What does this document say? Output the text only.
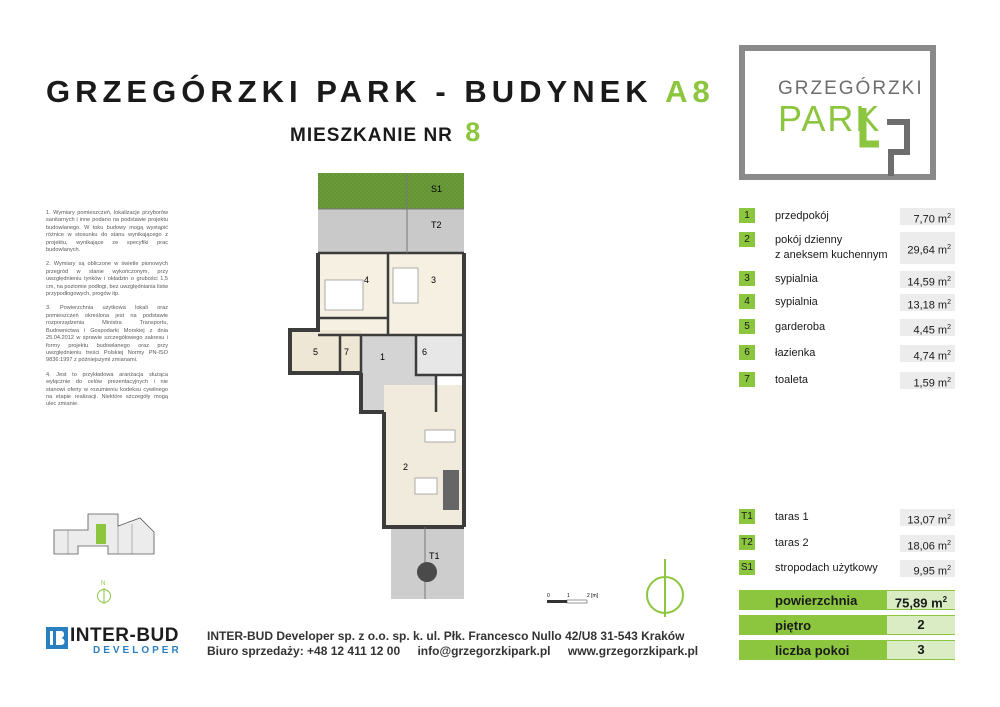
GRZEGÓRZKI PARK - BUDYNEK A8
MIESZKANIE NR 8
GRZEGÓRZKI
PARK

1. Wymiary pomieszczeń, lokalizacje przyborów sanitarnych i inne podano na podstawie projektu budowlanego. W toku budowy mogą wystąpić różnice w stosunku do stanu wynikającego z projektu, wynikające ze specyfiki prac budowlanych.

2. Wymiary są obliczone w świetle pionowych przegród w stanie wykończonym, przy uwzględnieniu tynków i okładzin o grubości 1,5 cm, na poziomie podłogi, bez uwzględniania listw przypodłogowych, progów itp.

3. Powierzchnia użytkowa lokali oraz pomieszczeń określona jest na podstawie rozporządzenia Ministra Transportu, Budownictwa i Gospodarki Morskiej z dnia 25.04.2012 w sprawie szczegółowego zakresu i formy projektu budowlanego oraz przy uwzględnieniu treści Polskiej Normy PN-ISO 9836:1997 z późniejszymi zmianami.

4. Jest to przykładowa aranżacja służąca wyłącznie do celów prezentacyjnych i nie stanowi oferty w rozumieniu kodeksu cywilnego na etapie realizacji. Niektóre szczegóły mogą ulec zmianie.

S1
T2
4	3
5	7	1	6
2
T1
N
0	1	2 [m]
1	przedpokój	7,70 $m^2$
2	pokój dzienny
z aneksem kuchennym	29,64 $m^2$
3	sypialnia	14,59 $m^2$
4	sypialnia	13,18 $m^2$
5	garderoba	4,45 $m^2$
6	łazienka	4,74 $m^2$
7	toaleta	1,59 $m^2$
T1 taras 1	13,07 $m^2$
T2 taras 2	18,06 $m^2$
S1 stropodach użytkowy	9,95 $m^2$
powierzchnia	75,89 $m^2$
piętro	2
liczba pokoi	3
INTER-BUD
DEVELOPER
INTER-BUD Developer sp. z o.o. sp. k. ul. Płk. Francesco Nullo 42/U8 31-543 Kraków
Biuro sprzedaży: +48 12 411 12 00 info@grzegorzkipark.pl www.grzegorzkipark.pl
